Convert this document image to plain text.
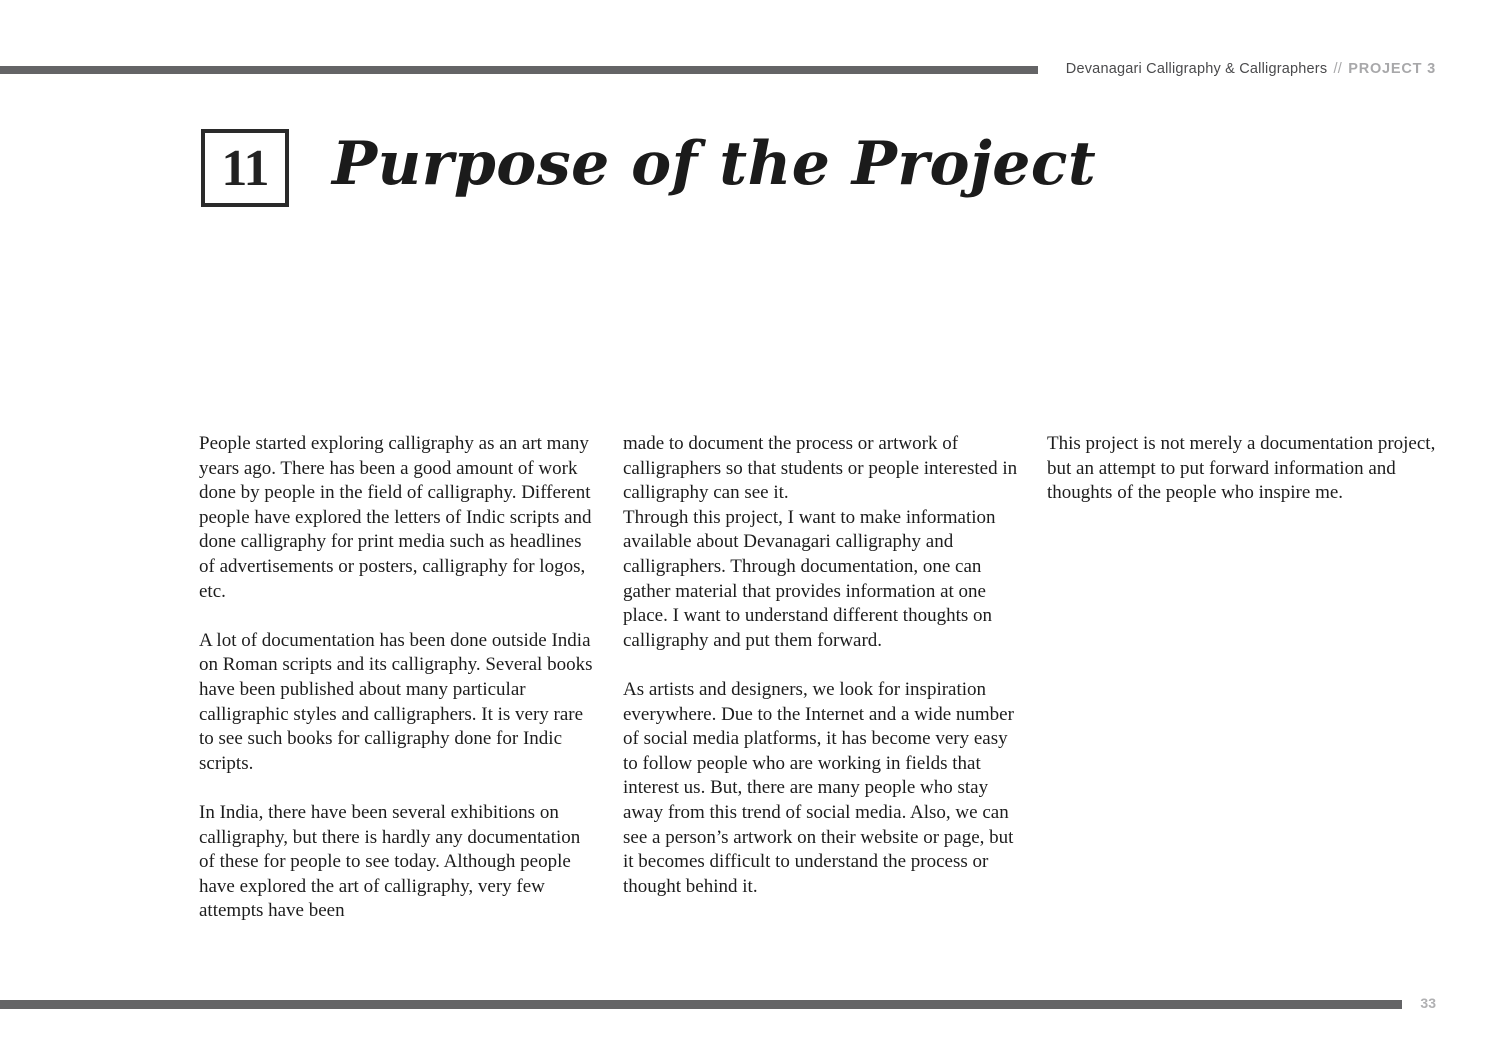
Devanagari Calligraphy & Calligraphers // PROJECT 3
11 Purpose of the Project

People started exploring calligraphy as an art many years ago. There has been a good amount of work done by people in the field of calligraphy. Different people have explored the letters of Indic scripts and done calligraphy for print media such as headlines of advertisements or posters, calligraphy for logos, etc.

A lot of documentation has been done outside India on Roman scripts and its calligraphy. Several books have been published about many particular calligraphic styles and calligraphers. It is very rare to see such books for calligraphy done for Indic scripts.

In India, there have been several exhibitions on calligraphy, but there is hardly any documentation of these for people to see today. Although people have explored the art of calligraphy, very few attempts have been

made to document the process or artwork of calligraphers so that students or people interested in calligraphy can see it.

Through this project, I want to make information available about Devanagari calligraphy and calligraphers. Through documentation, one can gather material that provides information at one place. I want to understand different thoughts on calligraphy and put them forward.

As artists and designers, we look for inspiration everywhere. Due to the Internet and a wide number of social media platforms, it has become very easy to follow people who are working in fields that interest us. But, there are many people who stay away from this trend of social media. Also, we can see a person’s artwork on their website or page, but it becomes difficult to understand the process or thought behind it.

This project is not merely a documentation project, but an attempt to put forward information and thoughts of the people who inspire me.

33
